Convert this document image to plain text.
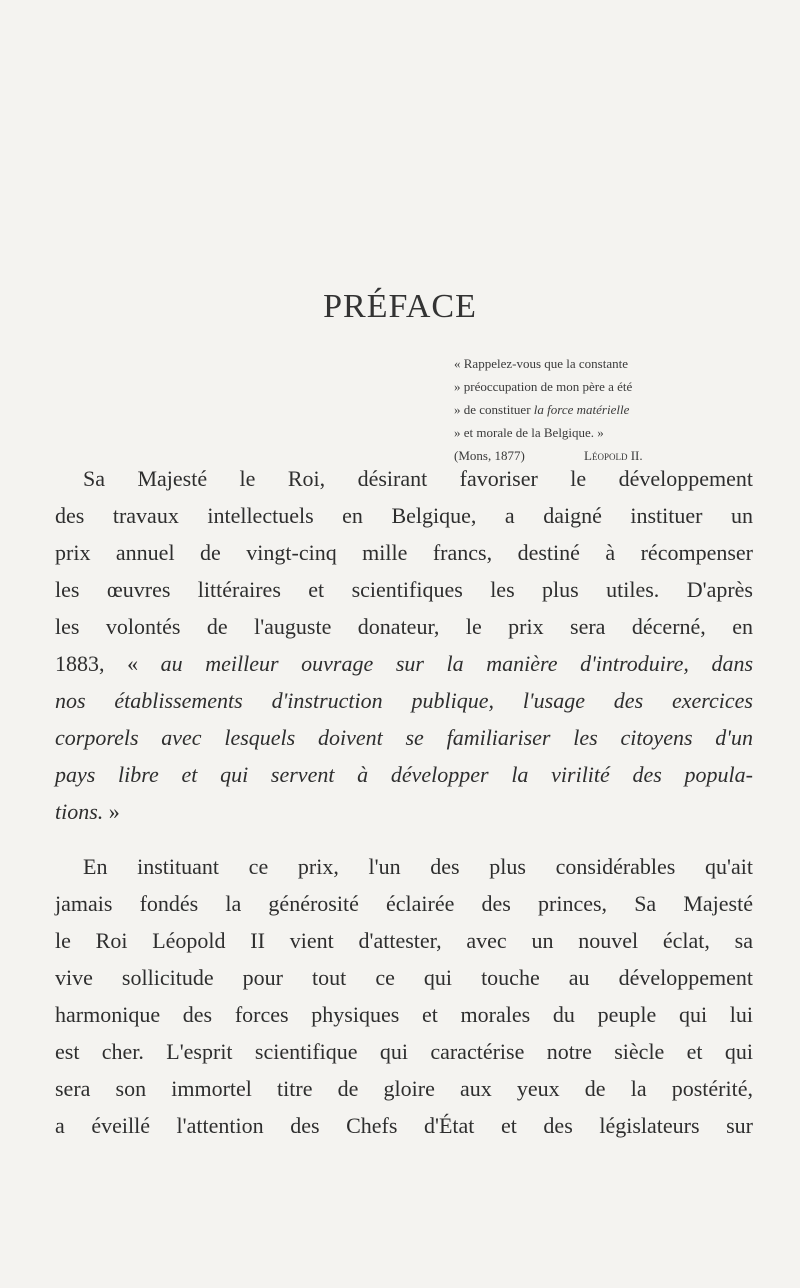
PRÉFACE
« Rappelez-vous que la constante
» préoccupation de mon père a été
» de constituer la force matérielle
» et morale de la Belgique. »
(Mons, 1877)	Léopold II.

Sa Majesté le Roi, désirant favoriser le développement
des travaux intellectuels en Belgique, a daigné instituer un
prix annuel de vingt-cinq mille francs, destiné à récompenser
les œuvres littéraires et scientifiques les plus utiles. D'après
les volontés de l'auguste donateur, le prix sera décerné, en
1883, « au meilleur ouvrage sur la manière d'introduire, dans
nos établissements d'instruction publique, l'usage des exercices
corporels avec lesquels doivent se familiariser les citoyens d'un
pays libre et qui servent à développer la virilité des popula-
tions. »

En instituant ce prix, l'un des plus considérables qu'ait
jamais fondés la générosité éclairée des princes, Sa Majesté
le Roi Léopold II vient d'attester, avec un nouvel éclat, sa
vive sollicitude pour tout ce qui touche au développement
harmonique des forces physiques et morales du peuple qui lui
est cher. L'esprit scientifique qui caractérise notre siècle et qui
sera son immortel titre de gloire aux yeux de la postérité,
a éveillé l'attention des Chefs d'État et des législateurs sur
